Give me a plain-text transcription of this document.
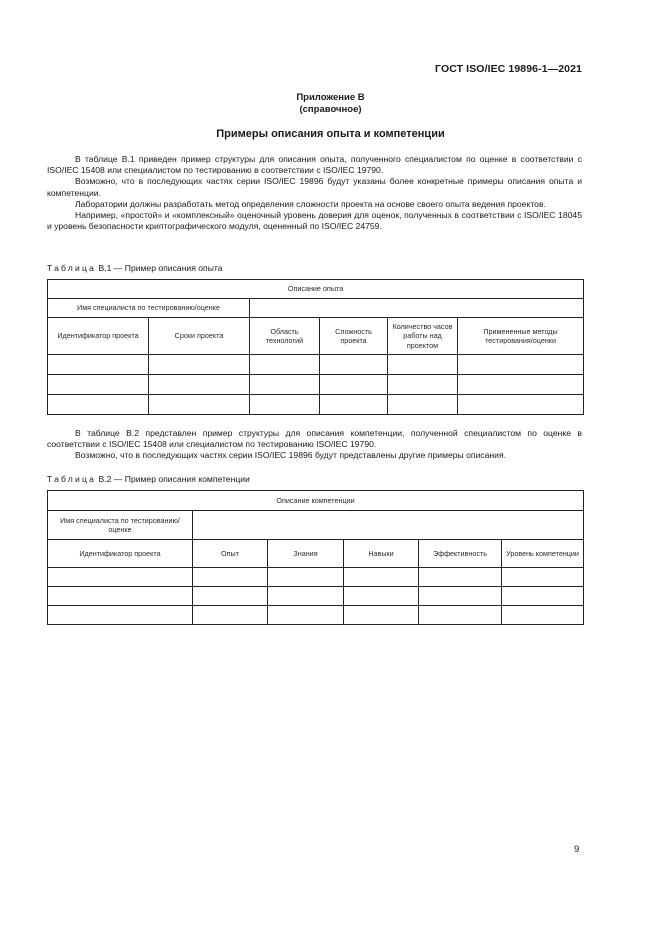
ГОСТ ISO/IEC 19896-1—2021
Приложение В
(справочное)
Примеры описания опыта и компетенции

В таблице В.1 приведен пример структуры для описания опыта, полученного специалистом по оценке в соответствии с ISO/IEC 15408 или специалистом по тестированию в соответствии с ISO/IEC 19790.

Возможно, что в последующих частях серии ISO/IEC 19896 будут указаны более конкретные примеры описания опыта и компетенции.

Лаборатории должны разработать метод определения сложности проекта на основе своего опыта ведения проектов.

Например, «простой» и «комплексный» оценочный уровень доверия для оценок, полученных в соответствии с ISO/IEC 18045 и уровень безопасности криптографического модуля, оцененный по ISO/IEC 24759.

Таблица В.1 — Пример описания опыта
Описание опыта					
Имя специалиста по тестированию/оценке					
Идентификатор проекта	Сроки проекта	Область технологий	Сложность проекта	Количество часов работы над проектом	Примененные методы тестирования/оценки

В таблице В.2 представлен пример структуры для описания компетенции, полученной специалистом по оценке в соответствии с ISO/IEC 15408 или специалистом по тестированию ISO/IEC 19790.

Возможно, что в последующих частях серии ISO/IEC 19896 будут представлены другие примеры описания.

Таблица В.2 — Пример описания компетенции
Описание компетенции					
Имя специалиста по тестированию/оценке					
Идентификатор проекта	Опыт	Знания	Навыки	Эффективность	Уровень компетенции

9
